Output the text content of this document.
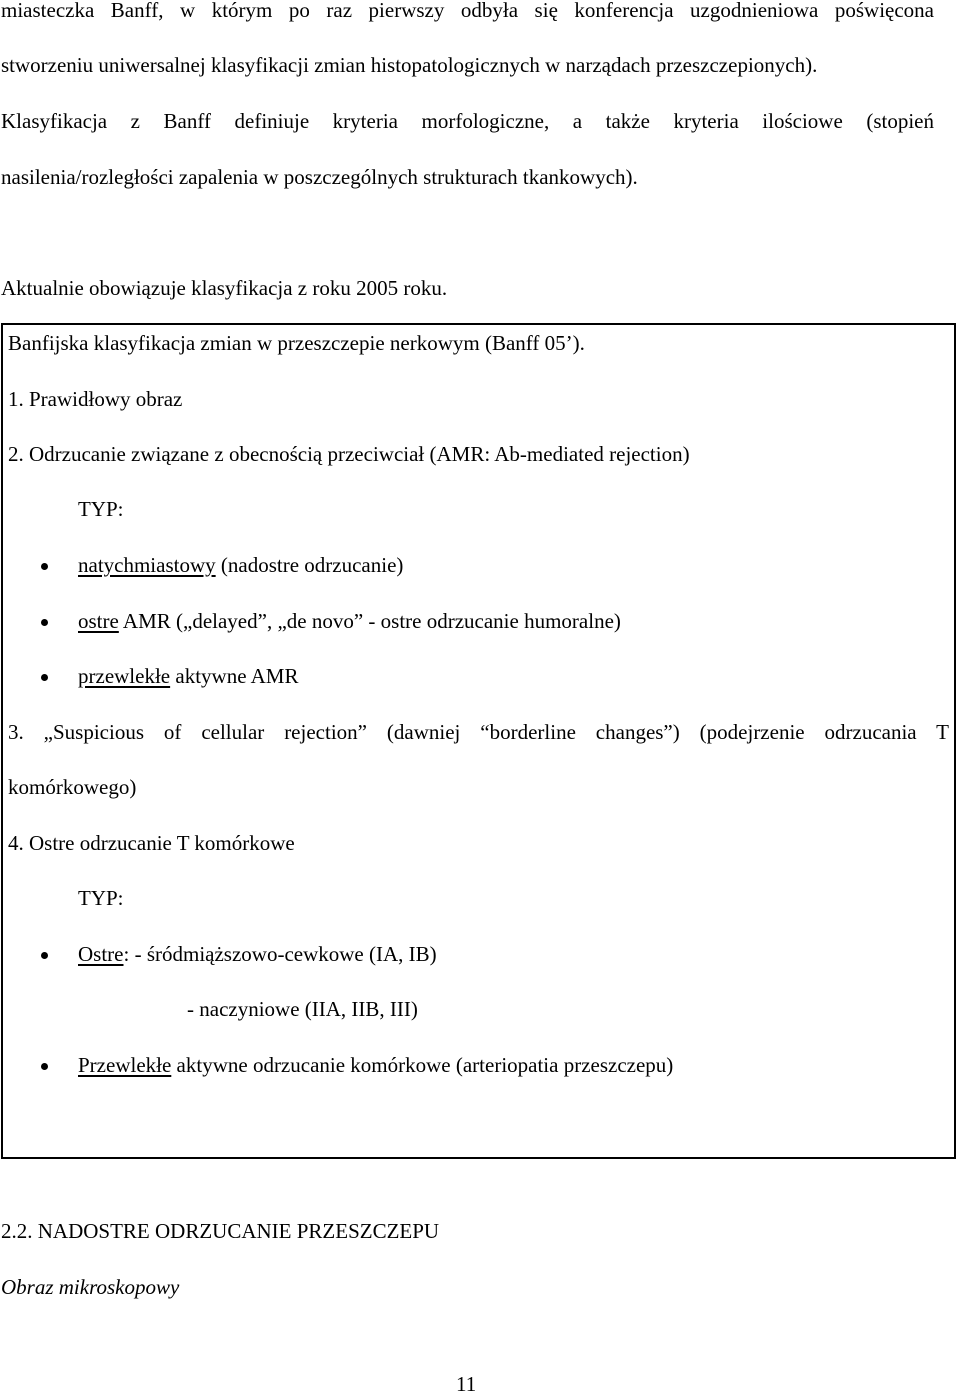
miasteczka Banff, w którym po raz pierwszy odbyła się konferencja uzgodnieniowa poświęcona
stworzeniu uniwersalnej klasyfikacji zmian histopatologicznych w narządach przeszczepionych).
Klasyfikacja z Banff definiuje kryteria morfologiczne, a także kryteria ilościowe (stopień
nasilenia/rozległości zapalenia w poszczególnych strukturach tkankowych).
Aktualnie obowiązuje klasyfikacja z roku 2005 roku.
Banfijska klasyfikacja zmian w przeszczepie nerkowym (Banff 05’).
1. Prawidłowy obraz
2. Odrzucanie związane z obecnością przeciwciał (AMR: Ab-mediated rejection)
TYP:
natychmiastowy (nadostre odrzucanie)
ostre AMR („delayed”, „de novo” - ostre odrzucanie humoralne)
przewlekłe aktywne AMR
3. „Suspicious of cellular rejection” (dawniej “borderline changes”) (podejrzenie odrzucania T
komórkowego)
4. Ostre odrzucanie T komórkowe
TYP:
Ostre: - śródmiąższowo-cewkowe (IA, IB)
- naczyniowe (IIA, IIB, III)
Przewlekłe aktywne odrzucanie komórkowe (arteriopatia przeszczepu)
2.2. NADOSTRE ODRZUCANIE PRZESZCZEPU
Obraz mikroskopowy
11
